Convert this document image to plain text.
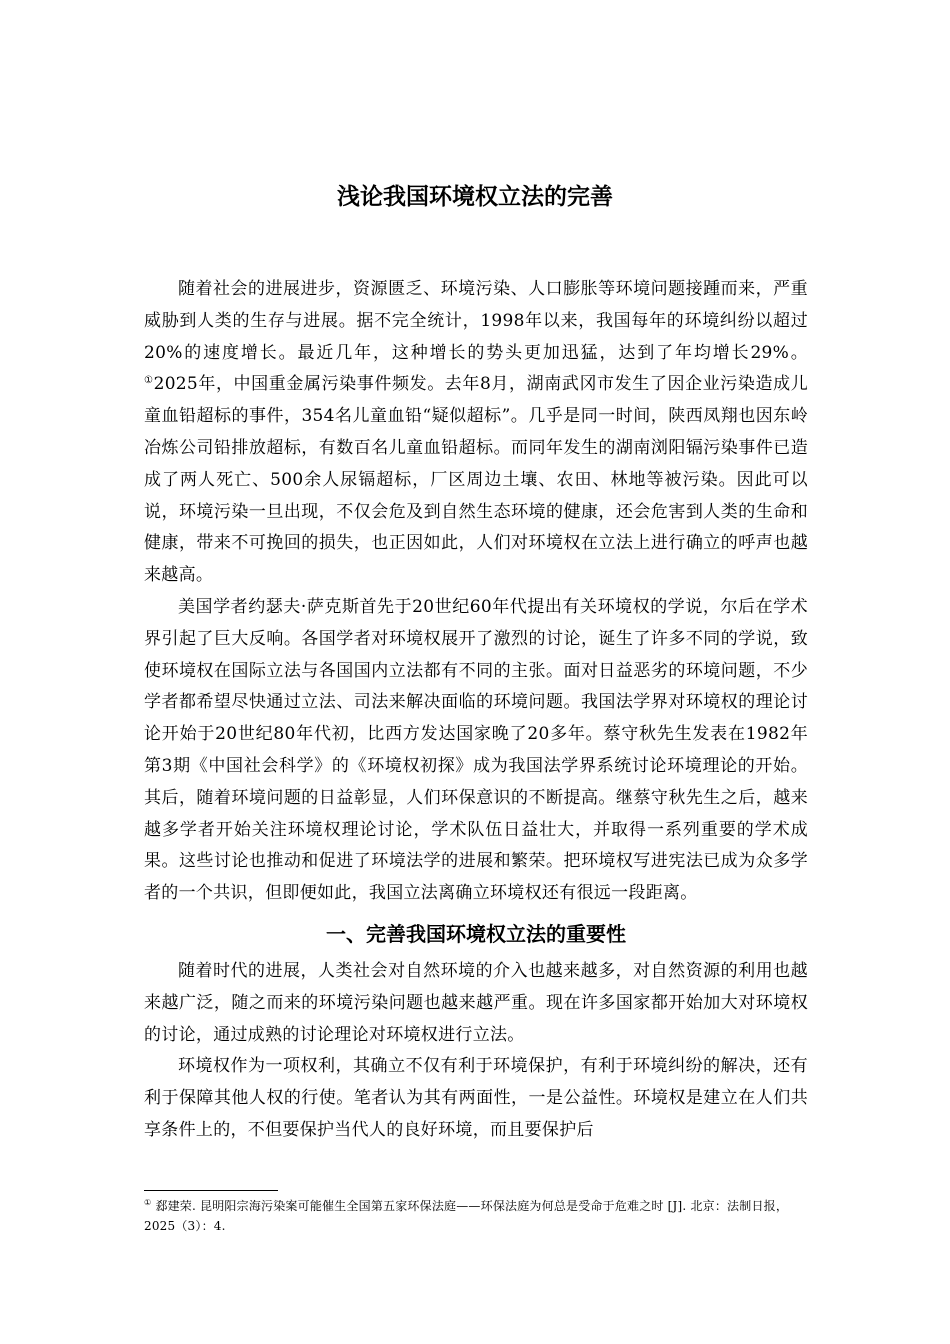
浅论我国环境权立法的完善

随着社会的进展进步，资源匮乏、环境污染、人口膨胀等环境问题接踵而来，严重威胁到人类的生存与进展。据不完全统计，1998年以来，我国每年的环境纠纷以超过20%的速度增长。最近几年，这种增长的势头更加迅猛，达到了年均增长29%。①2025年，中国重金属污染事件频发。去年8月，湖南武冈市发生了因企业污染造成儿童血铅超标的事件，354名儿童血铅“疑似超标”。几乎是同一时间，陕西凤翔也因东岭冶炼公司铅排放超标，有数百名儿童血铅超标。而同年发生的湖南浏阳镉污染事件已造成了两人死亡、500余人尿镉超标，厂区周边土壤、农田、林地等被污染。因此可以说，环境污染一旦出现，不仅会危及到自然生态环境的健康，还会危害到人类的生命和健康，带来不可挽回的损失，也正因如此，人们对环境权在立法上进行确立的呼声也越来越高。

美国学者约瑟夫·萨克斯首先于20世纪60年代提出有关环境权的学说，尔后在学术界引起了巨大反响。各国学者对环境权展开了激烈的讨论，诞生了许多不同的学说，致使环境权在国际立法与各国国内立法都有不同的主张。面对日益恶劣的环境问题，不少学者都希望尽快通过立法、司法来解决面临的环境问题。我国法学界对环境权的理论讨论开始于20世纪80年代初，比西方发达国家晚了20多年。蔡守秋先生发表在1982年第3期《中国社会科学》的《环境权初探》成为我国法学界系统讨论环境理论的开始。其后，随着环境问题的日益彰显，人们环保意识的不断提高。继蔡守秋先生之后，越来越多学者开始关注环境权理论讨论，学术队伍日益壮大，并取得一系列重要的学术成果。这些讨论也推动和促进了环境法学的进展和繁荣。把环境权写进宪法已成为众多学者的一个共识，但即便如此，我国立法离确立环境权还有很远一段距离。

一、完善我国环境权立法的重要性

随着时代的进展，人类社会对自然环境的介入也越来越多，对自然资源的利用也越来越广泛，随之而来的环境污染问题也越来越严重。现在许多国家都开始加大对环境权的讨论，通过成熟的讨论理论对环境权进行立法。

环境权作为一项权利，其确立不仅有利于环境保护，有利于环境纠纷的解决，还有利于保障其他人权的行使。笔者认为其有两面性，一是公益性。环境权是建立在人们共享条件上的，不但要保护当代人的良好环境，而且要保护后

① 郄建荣. 昆明阳宗海污染案可能催生全国第五家环保法庭——环保法庭为何总是受命于危难之时 [J]. 北京：法制日报，2025（3）：4.
